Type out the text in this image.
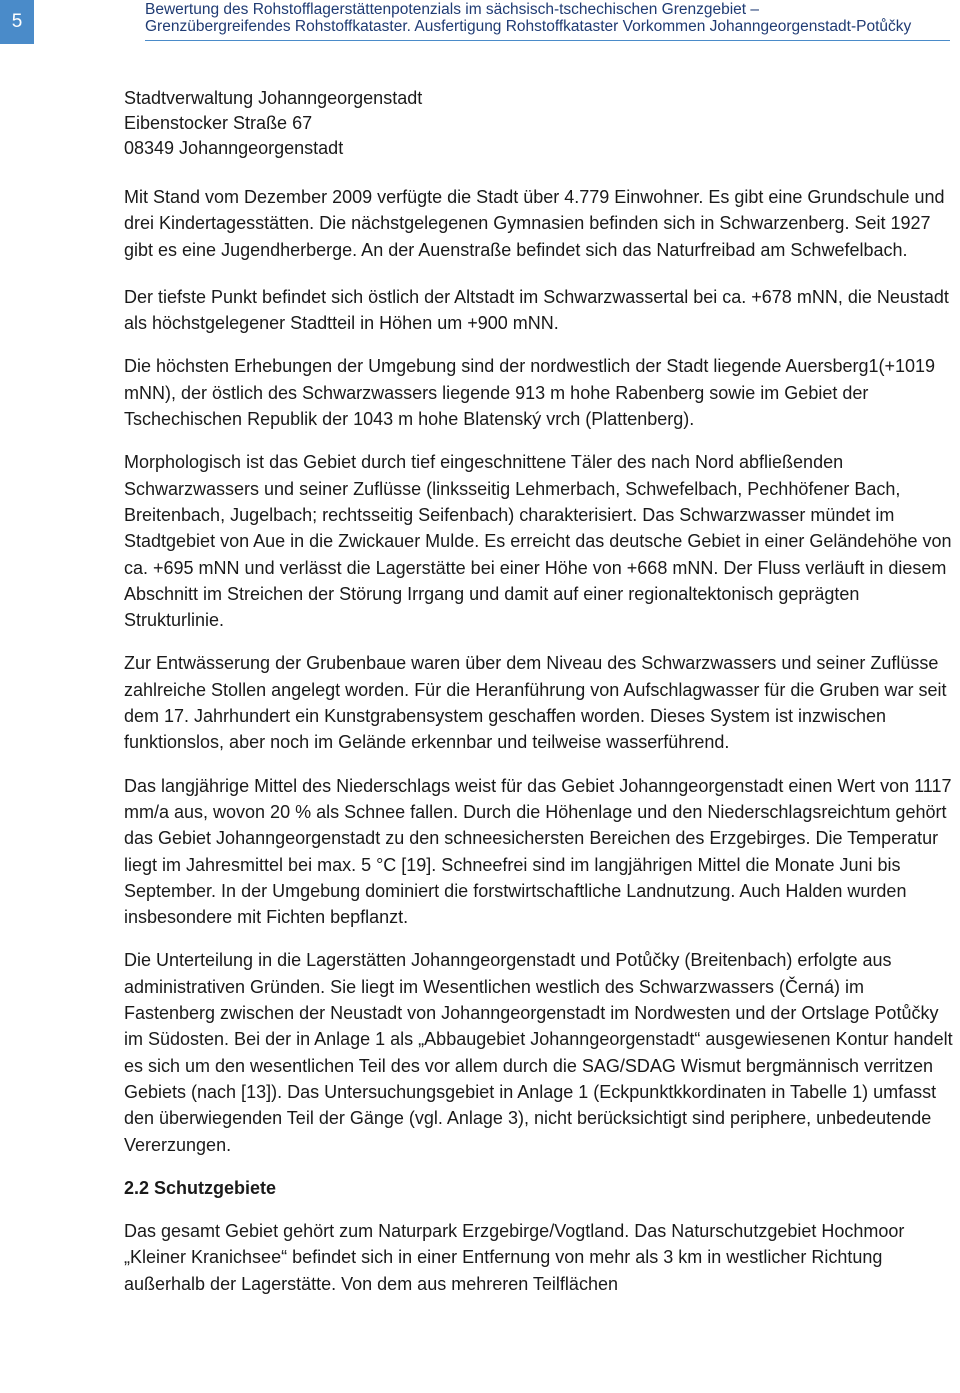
5
Bewertung des Rohstofflagerstättenpotenzials im sächsisch-tschechischen Grenzgebiet –
Grenzübergreifendes Rohstoffkataster. Ausfertigung Rohstoffkataster Vorkommen Johanngeorgenstadt-Potůčky

Stadtverwaltung Johanngeorgenstadt

Eibenstocker Straße 67

08349 Johanngeorgenstadt

Mit Stand vom Dezember 2009 verfügte die Stadt über 4.779 Einwohner. Es gibt eine Grundschule und drei Kindertagesstätten. Die nächstgelegenen Gymnasien befinden sich in Schwarzenberg. Seit 1927 gibt es eine Jugendherberge. An der Auenstraße befindet sich das Naturfreibad am Schwefelbach.

Der tiefste Punkt befindet sich östlich der Altstadt im Schwarzwassertal bei ca. +678 mNN, die Neustadt als höchstgelegener Stadtteil in Höhen um +900 mNN.

Die höchsten Erhebungen der Umgebung sind der nordwestlich der Stadt liegende Auersberg1(+1019 mNN), der östlich des Schwarzwassers liegende 913 m hohe Rabenberg sowie im Gebiet der Tschechischen Republik der 1043 m hohe Blatenský vrch (Plattenberg).

Morphologisch ist das Gebiet durch tief eingeschnittene Täler des nach Nord abfließenden Schwarzwassers und seiner Zuflüsse (linksseitig Lehmerbach, Schwefelbach, Pechhöfener Bach, Breitenbach, Jugelbach; rechtsseitig Seifenbach) charakterisiert. Das Schwarzwasser mündet im Stadtgebiet von Aue in die Zwickauer Mulde. Es erreicht das deutsche Gebiet in einer Geländehöhe von ca. +695 mNN und verlässt die Lagerstätte bei einer Höhe von +668 mNN. Der Fluss verläuft in diesem Abschnitt im Streichen der Störung Irrgang und damit auf einer regionaltektonisch geprägten Strukturlinie.

Zur Entwässerung der Grubenbaue waren über dem Niveau des Schwarzwassers und seiner Zuflüsse zahlreiche Stollen angelegt worden. Für die Heranführung von Aufschlagwasser für die Gruben war seit dem 17. Jahrhundert ein Kunstgrabensystem geschaffen worden. Dieses System ist inzwischen funktionslos, aber noch im Gelände erkennbar und teilweise wasserführend.

Das langjährige Mittel des Niederschlags weist für das Gebiet Johanngeorgenstadt einen Wert von 1117 mm/a aus, wovon 20 % als Schnee fallen. Durch die Höhenlage und den Niederschlagsreichtum gehört das Gebiet Johanngeorgenstadt zu den schneesichersten Bereichen des Erzgebirges. Die Temperatur liegt im Jahresmittel bei max. 5 °C [19]. Schneefrei sind im langjährigen Mittel die Monate Juni bis September. In der Umgebung dominiert die forstwirtschaftliche Landnutzung. Auch Halden wurden insbesondere mit Fichten bepflanzt.

Die Unterteilung in die Lagerstätten Johanngeorgenstadt und Potůčky (Breitenbach) erfolgte aus administrativen Gründen. Sie liegt im Wesentlichen westlich des Schwarzwassers (Černá) im Fastenberg zwischen der Neustadt von Johanngeorgenstadt im Nordwesten und der Ortslage Potůčky im Südosten. Bei der in Anlage 1 als „Abbaugebiet Johanngeorgenstadt“ ausgewiesenen Kontur handelt es sich um den wesentlichen Teil des vor allem durch die SAG/SDAG Wismut bergmännisch verritzen Gebiets (nach [13]). Das Untersuchungsgebiet in Anlage 1 (Eckpunktkkordinaten in Tabelle 1) umfasst den überwiegenden Teil der Gänge (vgl. Anlage 3), nicht berücksichtigt sind periphere, unbedeutende Vererzungen.

2.2 Schutzgebiete

Das gesamt Gebiet gehört zum Naturpark Erzgebirge/Vogtland. Das Naturschutzgebiet Hochmoor „Kleiner Kranichsee“ befindet sich in einer Entfernung von mehr als 3 km in westlicher Richtung außerhalb der Lagerstätte. Von dem aus mehreren Teilflächen
